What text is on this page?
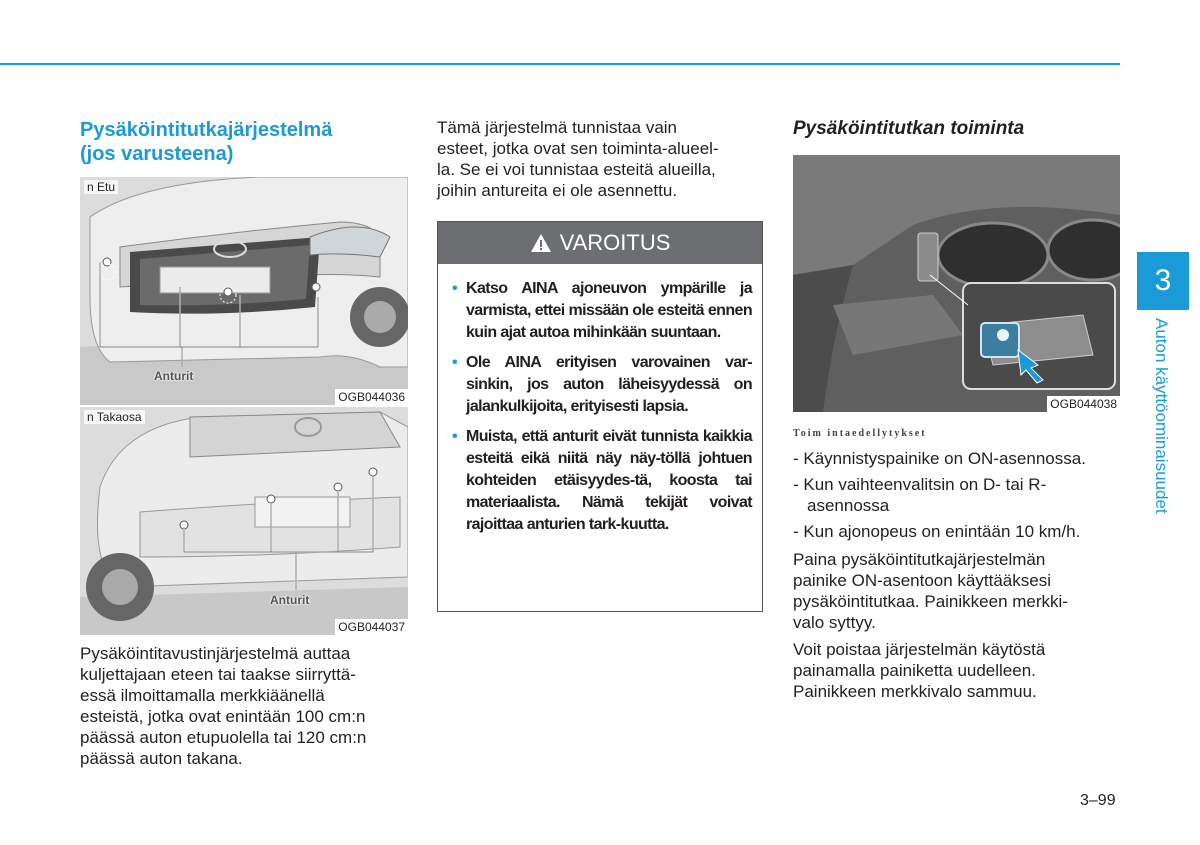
Pysäköintitutkajärjestelmä
(jos varusteena)
n Etu
Anturit
OGB044036
n Takaosa
Anturit
OGB044037
Pysäköintitavustinjärjestelmä auttaa
kuljettajaan eteen tai taakse siirryttä-
essä ilmoittamalla merkkiäänellä
esteistä, jotka ovat enintään 100 cm:n
päässä auton etupuolella tai 120 cm:n
päässä auton takana.
Tämä järjestelmä tunnistaa vain
esteet, jotka ovat sen toiminta-alueel-
la. Se ei voi tunnistaa esteitä alueilla,
joihin antureita ei ole asennettu.
VAROITUS
• Katso AINA ajoneuvon ympärille ja varmista, ettei missään ole esteitä ennen kuin ajat autoa mihinkään suuntaan.
• Ole AINA erityisen varovainen var-sinkin, jos auton läheisyydessä on jalankulkijoita, erityisesti lapsia.
• Muista, että anturit eivät tunnista kaikkia esteitä eikä niitä näy näy-töllä johtuen kohteiden etäisyydes-tä, koosta tai materiaalista. Nämä tekijät voivat rajoittaa anturien tark-kuutta.
Pysäköintitutkan toiminta
OGB044038
Toim intaedellytykset
- Käynnistyspainike on ON-asennossa.
- Kun vaihteenvalitsin on D- tai R-asennossa
- Kun ajonopeus on enintään 10 km/h.
Paina pysäköintitutkajärjestelmän
painike ON-asentoon käyttääksesi
pysäköintitutkaa. Painikkeen merkki-
valo syttyy.
Voit poistaa järjestelmän käytöstä
painamalla painiketta uudelleen.
Painikkeen merkkivalo sammuu.
3
Auton käyttöominaisuudet
3–99
